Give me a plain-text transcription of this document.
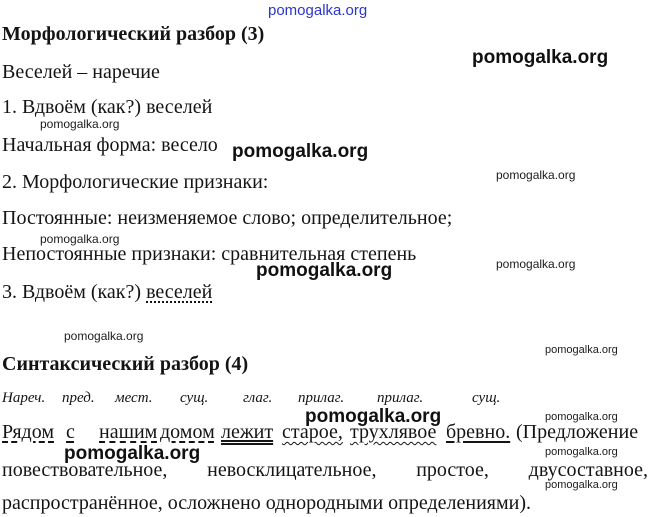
pomogalka.org
Морфологический разбор (3)
Веселей – наречие
1. Вдвоём (как?) веселей
Начальная форма: весело
2. Морфологические признаки:
Постоянные: неизменяемое слово; определительное;
Непостоянные признаки: сравнительная степень
3. Вдвоём (как?) веселей
Синтаксический разбор (4)
Нареч. пред. мест. сущ. глаг. прилаг. прилаг.	сущ.
Рядом с нашим домом лежит старое, трухлявое бревно. (Предложение
повествовательное, невосклицательное, простое, двусоставное,
распространённое, осложнено однородными определениями).
pomogalka.org
pomogalka.org
pomogalka.org
pomogalka.org
pomogalka.org
pomogalka.org	pomogalka.org
pomogalka.org
pomogalka.org
pomogalka.org	pomogalka.org
pomogalka.org	pomogalka.org
pomogalka.org
